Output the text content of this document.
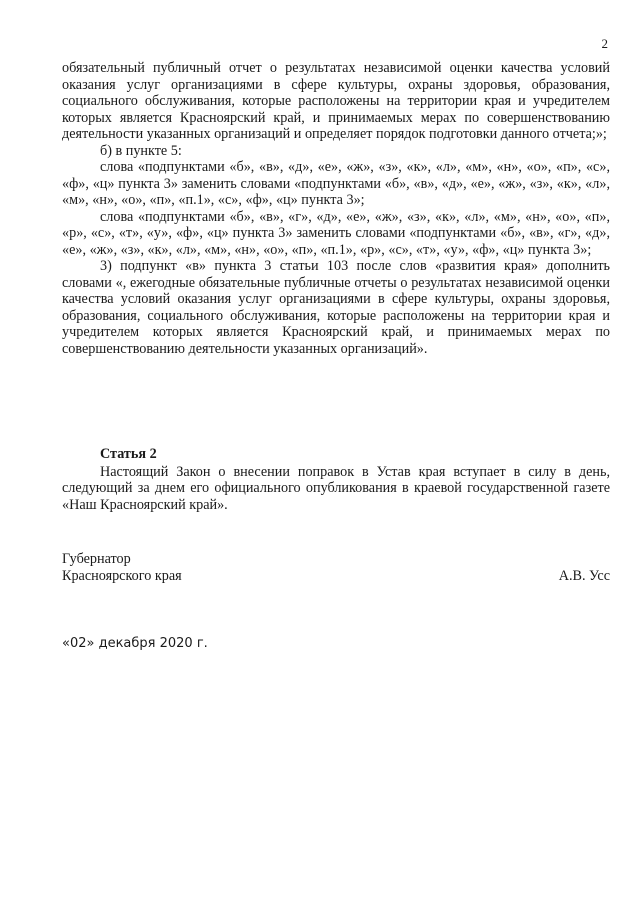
2

обязательный публичный отчет о результатах независимой оценки качества условий оказания услуг организациями в сфере культуры, охраны здоровья, образования, социального обслуживания, которые расположены на территории края и учредителем которых является Красноярский край, и принимаемых мерах по совершенствованию деятельности указанных организаций и определяет порядок подготовки данного отчета;»;

б) в пункте 5:

слова «подпунктами «б», «в», «д», «е», «ж», «з», «к», «л», «м», «н», «о», «п», «с», «ф», «ц» пункта 3» заменить словами «подпунктами «б», «в», «д», «е», «ж», «з», «к», «л», «м», «н», «о», «п», «п.1», «с», «ф», «ц» пункта 3»;

слова «подпунктами «б», «в», «г», «д», «е», «ж», «з», «к», «л», «м», «н», «о», «п», «р», «с», «т», «у», «ф», «ц» пункта 3» заменить словами «подпунктами «б», «в», «г», «д», «е», «ж», «з», «к», «л», «м», «н», «о», «п», «п.1», «р», «с», «т», «у», «ф», «ц» пункта 3»;

3) подпункт «в» пункта 3 статьи 103 после слов «развития края» дополнить словами «, ежегодные обязательные публичные отчеты о результатах независимой оценки качества условий оказания услуг организациями в сфере культуры, охраны здоровья, образования, социального обслуживания, которые расположены на территории края и учредителем которых является Красноярский край, и принимаемых мерах по совершенствованию деятельности указанных организаций».

Статья 2

Настоящий Закон о внесении поправок в Устав края вступает в силу в день, следующий за днем его официального опубликования в краевой государственной газете «Наш Красноярский край».

Губернатор
Красноярского края	А.В. Усс
«02» декабря 2020 г.
